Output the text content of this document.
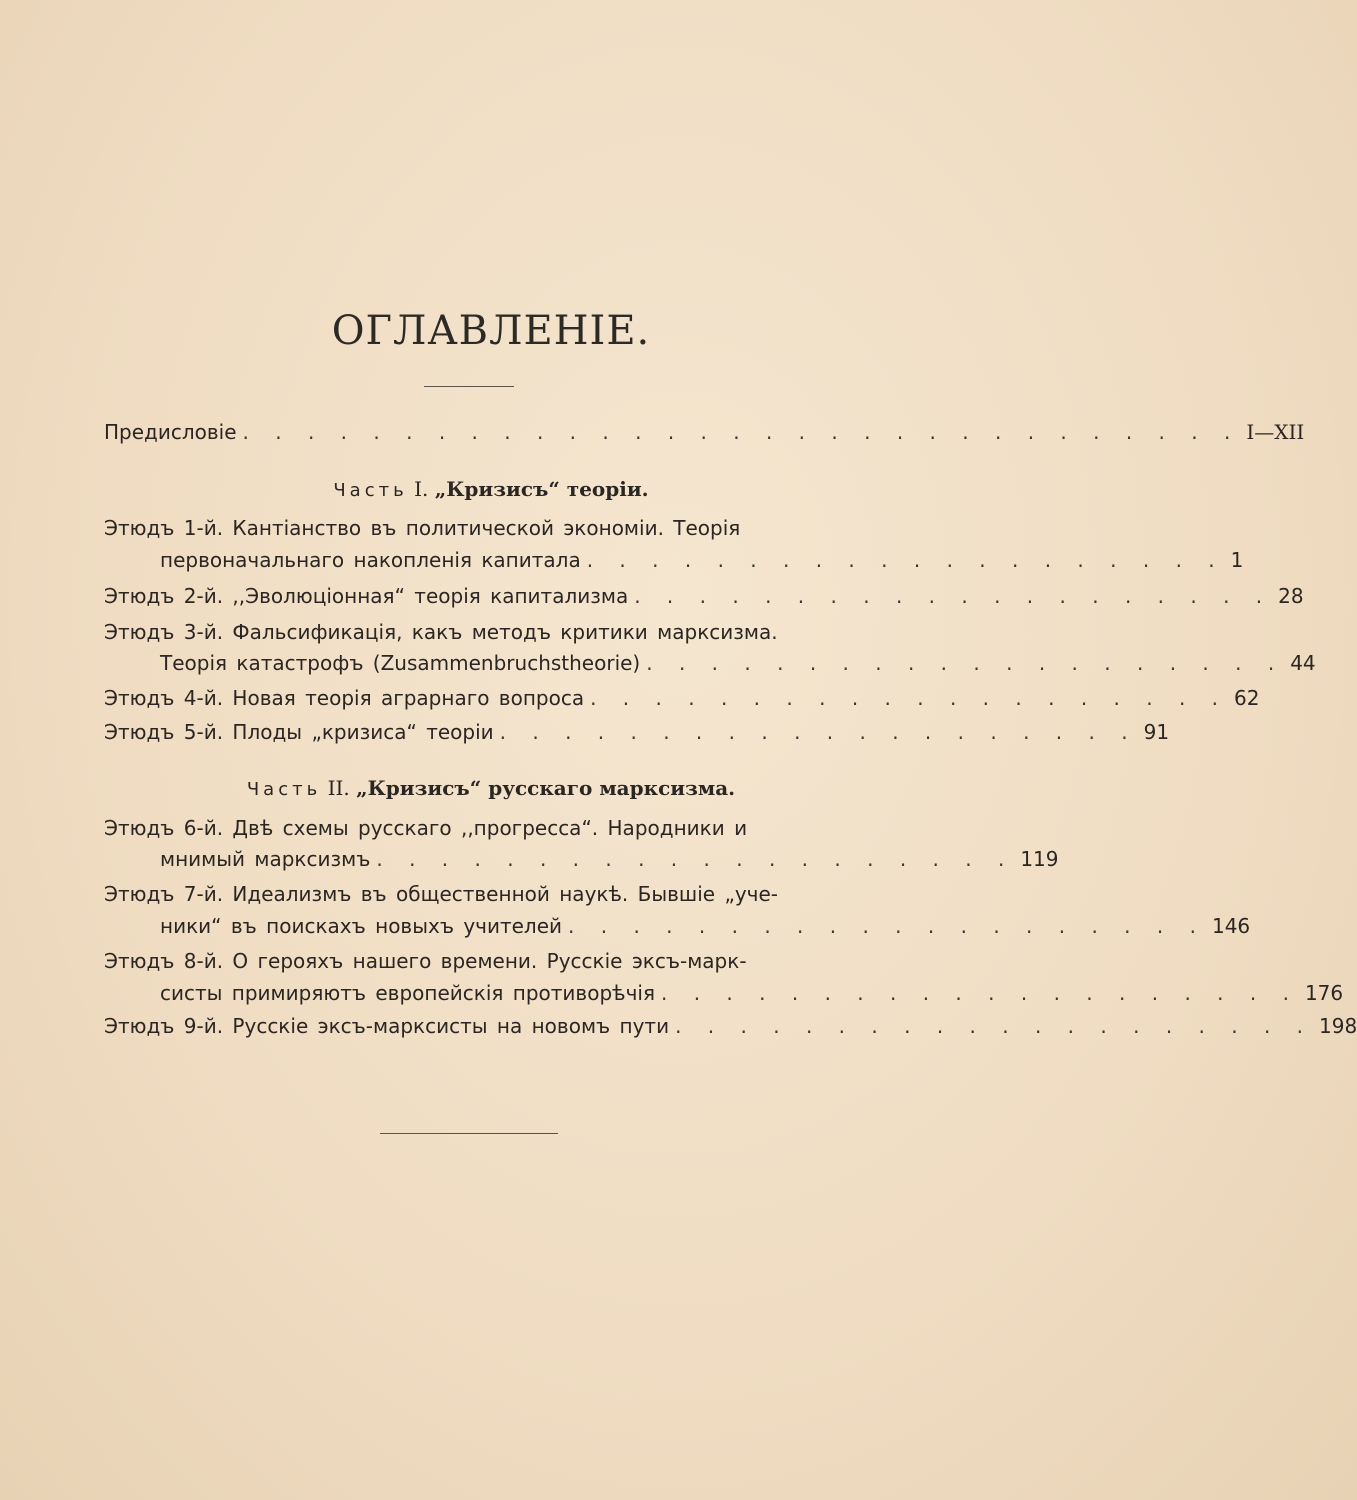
ОГЛАВЛЕНІЕ.
Предисловіе . . . . . . . . . . . . . . . . . . . . . . . . . . . . . . . I—XII
Часть I. „Кризисъ“ теоріи.
Этюдъ 1-й. Кантіанство въ политической экономіи. Теорія
первоначальнаго накопленія капитала . . . . . . . . . . . . . . . . . . . . 1
Этюдъ 2-й. ,,Эволюціонная“ теорія капитализма . . . . . . . . . . . . . . . . . . . . 28
Этюдъ 3-й. Фальсификація, какъ методъ критики марксизма.
Теорія катастрофъ (Zusammenbruchstheorie) . . . . . . . . . . . . . . . . . . . . 44
Этюдъ 4-й. Новая теорія аграрнаго вопроса . . . . . . . . . . . . . . . . . . . . 62
Этюдъ 5-й. Плоды „кризиса“ теоріи . . . . . . . . . . . . . . . . . . . . 91
Часть II. „Кризисъ“ русскаго марксизма.
Этюдъ 6-й. Двѣ схемы русскаго ,,прогресса“. Народники и
мнимый марксизмъ . . . . . . . . . . . . . . . . . . . . 119
Этюдъ 7-й. Идеализмъ въ общественной наукѣ. Бывшіе „уче-
ники“ въ поискахъ новыхъ учителей . . . . . . . . . . . . . . . . . . . . 146
Этюдъ 8-й. О герояхъ нашего времени. Русскіе эксъ-марк-
систы примиряютъ европейскія противорѣчія . . . . . . . . . . . . . . . . . . . . 176
Этюдъ 9-й. Русскіе эксъ-марксисты на новомъ пути . . . . . . . . . . . . . . . . . . . . 198
